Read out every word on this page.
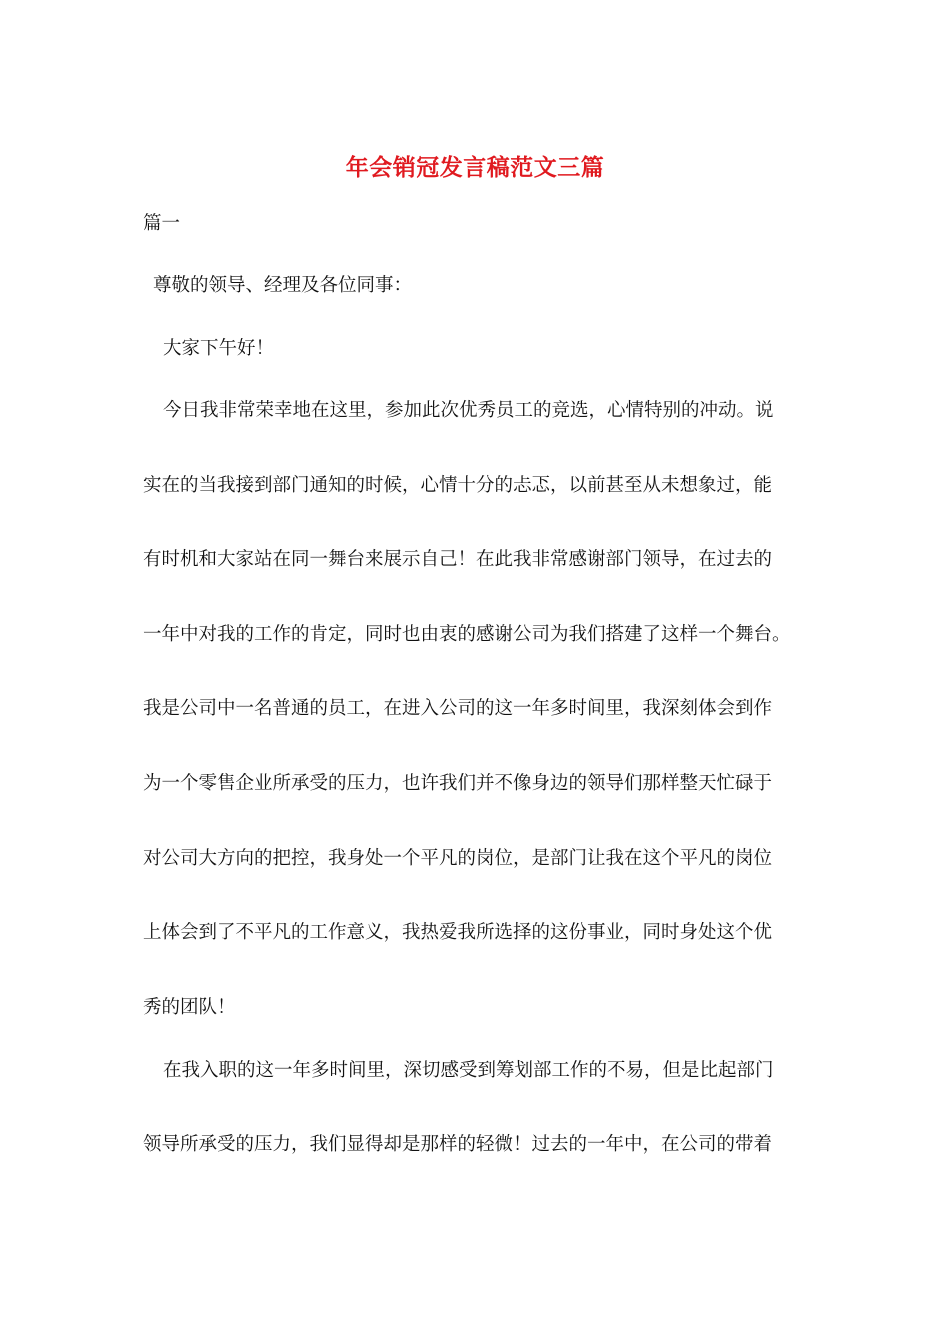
年会销冠发言稿范文三篇
篇一
尊敬的领导、经理及各位同事：
大家下午好！
今日我非常荣幸地在这里，参加此次优秀员工的竞选，心情特别的冲动。说
实在的当我接到部门通知的时候，心情十分的忐忑，以前甚至从未想象过，能
有时机和大家站在同一舞台来展示自己！在此我非常感谢部门领导，在过去的
一年中对我的工作的肯定，同时也由衷的感谢公司为我们搭建了这样一个舞台。
我是公司中一名普通的员工，在进入公司的这一年多时间里，我深刻体会到作
为一个零售企业所承受的压力，也许我们并不像身边的领导们那样整天忙碌于
对公司大方向的把控，我身处一个平凡的岗位，是部门让我在这个平凡的岗位
上体会到了不平凡的工作意义，我热爱我所选择的这份事业，同时身处这个优
秀的团队！
在我入职的这一年多时间里，深切感受到筹划部工作的不易，但是比起部门
领导所承受的压力，我们显得却是那样的轻微！过去的一年中，在公司的带着
